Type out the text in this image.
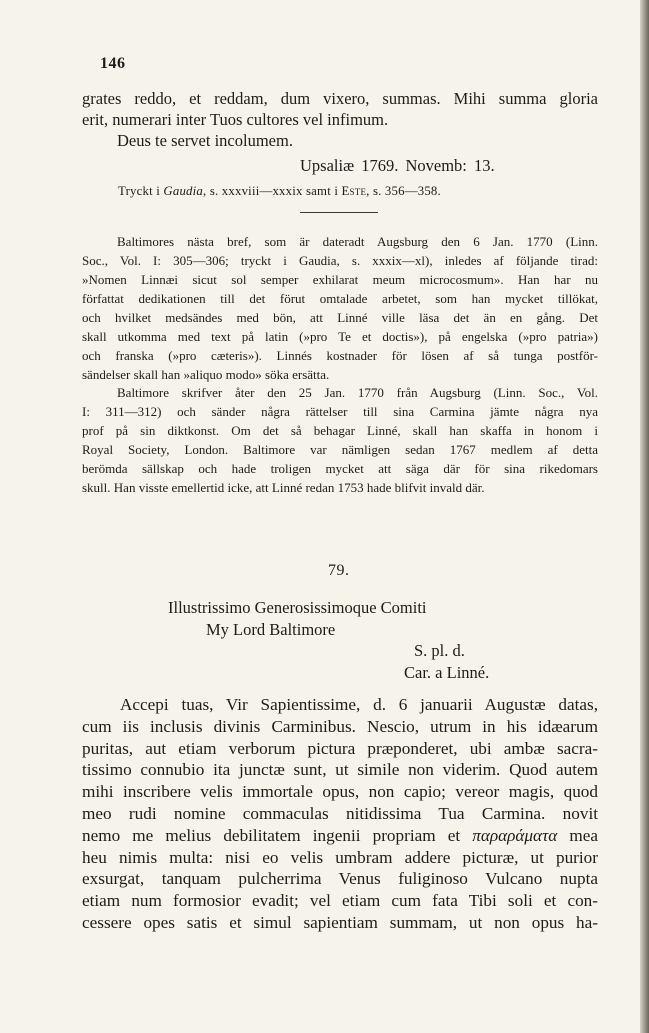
146
grates reddo, et reddam, dum vixero, summas. Mihi summa gloria
erit, numerari inter Tuos cultores vel infimum.
Deus te servet incolumem.
Upsaliæ 1769. Novemb: 13.
Tryckt i Gaudia, s. xxxviii—xxxix samt i Este, s. 356—358.
Baltimores nästa bref, som är dateradt Augsburg den 6 Jan. 1770 (Linn.
Soc., Vol. I: 305—306; tryckt i Gaudia, s. xxxix—xl), inledes af följande tirad:
»Nomen Linnæi sicut sol semper exhilarat meum microcosmum». Han har nu
författat dedikationen till det förut omtalade arbetet, som han mycket tillökat,
och hvilket medsändes med bön, att Linné ville läsa det än en gång. Det
skall utkomma med text på latin (»pro Te et doctis»), på engelska (»pro patria»)
och franska (»pro cæteris»). Linnés kostnader för lösen af så tunga postför-
sändelser skall han »aliquo modo» söka ersätta.
Baltimore skrifver åter den 25 Jan. 1770 från Augsburg (Linn. Soc., Vol.
I: 311—312) och sänder några rättelser till sina Carmina jämte några nya
prof på sin diktkonst. Om det så behagar Linné, skall han skaffa in honom i
Royal Society, London. Baltimore var nämligen sedan 1767 medlem af detta
berömda sällskap och hade troligen mycket att säga där för sina rikedomars
skull. Han visste emellertid icke, att Linné redan 1753 hade blifvit invald där.
79.
Illustrissimo Generosissimoque Comiti
My Lord Baltimore
S. pl. d.
Car. a Linné.
Accepi tuas, Vir Sapientissime, d. 6 januarii Augustæ datas,
cum iis inclusis divinis Carminibus. Nescio, utrum in his idæarum
puritas, aut etiam verborum pictura præponderet, ubi ambæ sacra-
tissimo connubio ita junctæ sunt, ut simile non viderim. Quod autem
mihi inscribere velis immortale opus, non capio; vereor magis, quod
meo rudi nomine commaculas nitidissima Tua Carmina. novit
nemo me melius debilitatem ingenii propriam et παραράματα mea
heu nimis multa: nisi eo velis umbram addere picturæ, ut purior
exsurgat, tanquam pulcherrima Venus fuliginoso Vulcano nupta
etiam num formosior evadit; vel etiam cum fata Tibi soli et con-
cessere opes satis et simul sapientiam summam, ut non opus ha-
